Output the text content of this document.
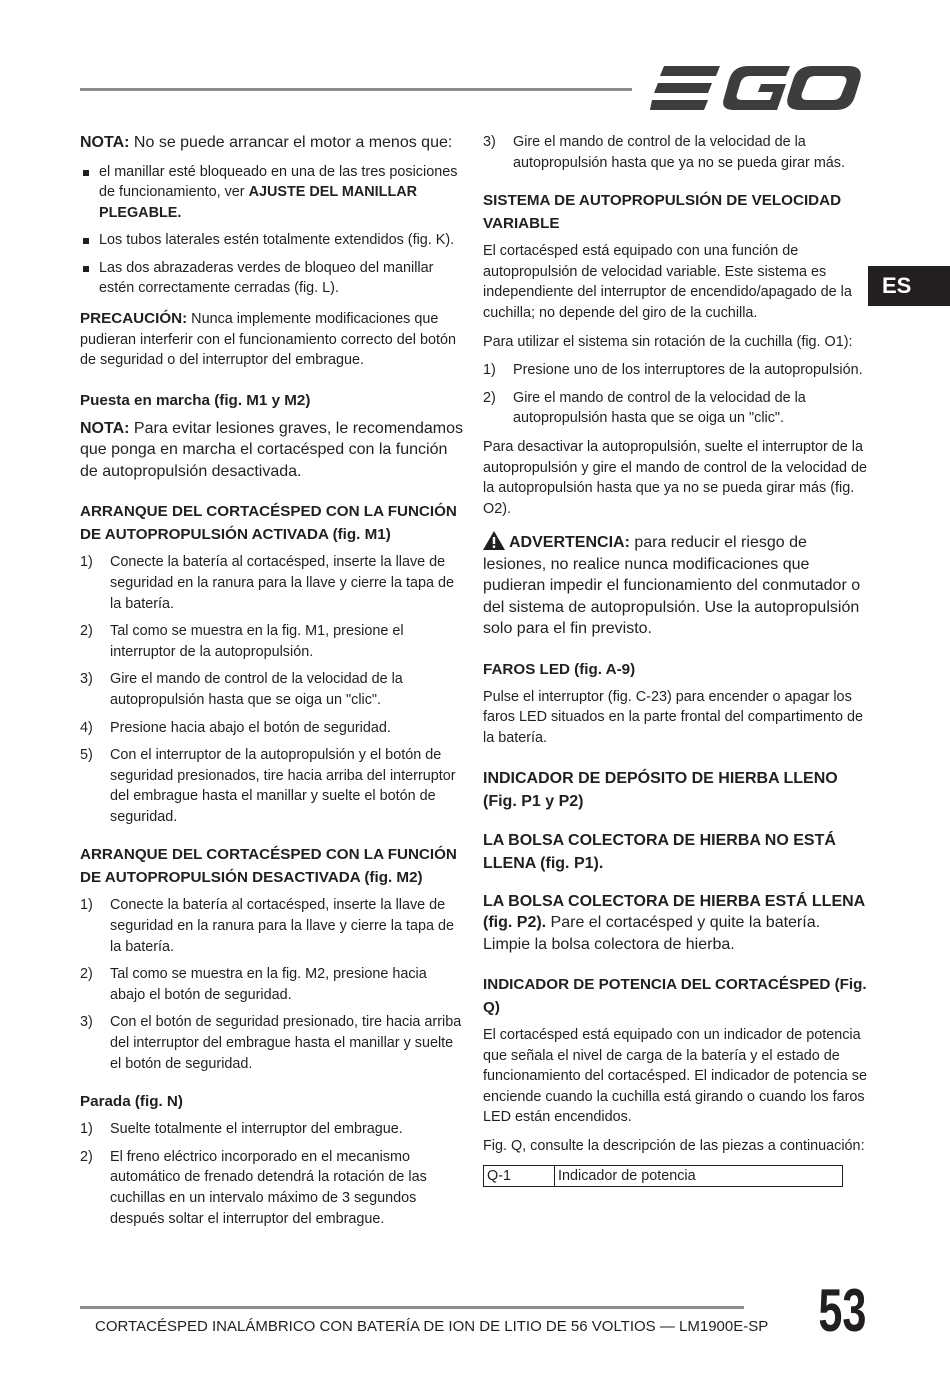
ES

NOTA: No se puede arrancar el motor a menos que:

el manillar esté bloqueado en una de las tres posiciones de funcionamiento, ver AJUSTE DEL MANILLAR PLEGABLE.
Los tubos laterales estén totalmente extendidos (fig. K).
Las dos abrazaderas verdes de bloqueo del manillar estén correctamente cerradas (fig. L).

PRECAUCIÓN: Nunca implemente modificaciones que pudieran interferir con el funcionamiento correcto del botón de seguridad o del interruptor del embrague.

Puesta en marcha (fig. M1 y M2)

NOTA: Para evitar lesiones graves, le recomendamos que ponga en marcha el cortacésped con la función de autopropulsión desactivada.

ARRANQUE DEL CORTACÉSPED CON LA FUNCIÓN DE AUTOPROPULSIÓN ACTIVADA (fig. M1)
1) Conecte la batería al cortacésped, inserte la llave de seguridad en la ranura para la llave y cierre la tapa de la batería.
2) Tal como se muestra en la fig. M1, presione el interruptor de la autopropulsión.
3) Gire el mando de control de la velocidad de la autopropulsión hasta que se oiga un "clic".
4) Presione hacia abajo el botón de seguridad.
5) Con el interruptor de la autopropulsión y el botón de seguridad presionados, tire hacia arriba del interruptor del embrague hasta el manillar y suelte el botón de seguridad.
ARRANQUE DEL CORTACÉSPED CON LA FUNCIÓN DE AUTOPROPULSIÓN DESACTIVADA (fig. M2)
1) Conecte la batería al cortacésped, inserte la llave de seguridad en la ranura para la llave y cierre la tapa de la batería.
2) Tal como se muestra en la fig. M2, presione hacia abajo el botón de seguridad.
3) Con el botón de seguridad presionado, tire hacia arriba del interruptor del embrague hasta el manillar y suelte el botón de seguridad.
Parada (fig. N)
1) Suelte totalmente el interruptor del embrague.
2) El freno eléctrico incorporado en el mecanismo automático de frenado detendrá la rotación de las cuchillas en un intervalo máximo de 3 segundos después soltar el interruptor del embrague.
3) Gire el mando de control de la velocidad de la autopropulsión hasta que ya no se pueda girar más.
SISTEMA DE AUTOPROPULSIÓN DE VELOCIDAD VARIABLE

El cortacésped está equipado con una función de autopropulsión de velocidad variable. Este sistema es independiente del interruptor de encendido/apagado de la cuchilla; no depende del giro de la cuchilla.

Para utilizar el sistema sin rotación de la cuchilla (fig. O1):

1) Presione uno de los interruptores de la autopropulsión.
2) Gire el mando de control de la velocidad de la autopropulsión hasta que se oiga un "clic".

Para desactivar la autopropulsión, suelte el interruptor de la autopropulsión y gire el mando de control de la velocidad de la autopropulsión hasta que ya no se pueda girar más (fig. O2).

ADVERTENCIA: para reducir el riesgo de lesiones, no realice nunca modificaciones que pudieran impedir el funcionamiento del conmutador o del sistema de autopropulsión. Use la autopropulsión solo para el fin previsto.

FAROS LED (fig. A-9)

Pulse el interruptor (fig. C-23) para encender o apagar los faros LED situados en la parte frontal del compartimento de la batería.

INDICADOR DE DEPÓSITO DE HIERBA LLENO (Fig. P1 y P2)
LA BOLSA COLECTORA DE HIERBA NO ESTÁ LLENA (fig. P1).

LA BOLSA COLECTORA DE HIERBA ESTÁ LLENA (fig. P2). Pare el cortacésped y quite la batería. Limpie la bolsa colectora de hierba.

INDICADOR DE POTENCIA DEL CORTACÉSPED (Fig. Q)

El cortacésped está equipado con un indicador de potencia que señala el nivel de carga de la batería y el estado de funcionamiento del cortacésped. El indicador de potencia se enciende cuando la cuchilla está girando o cuando los faros LED están encendidos.

Fig. Q, consulte la descripción de las piezas a continuación:

Q-1	Indicador de potencia
CORTACÉSPED INALÁMBRICO CON BATERÍA DE ION DE LITIO DE 56 VOLTIOS — LM1900E-SP 53
